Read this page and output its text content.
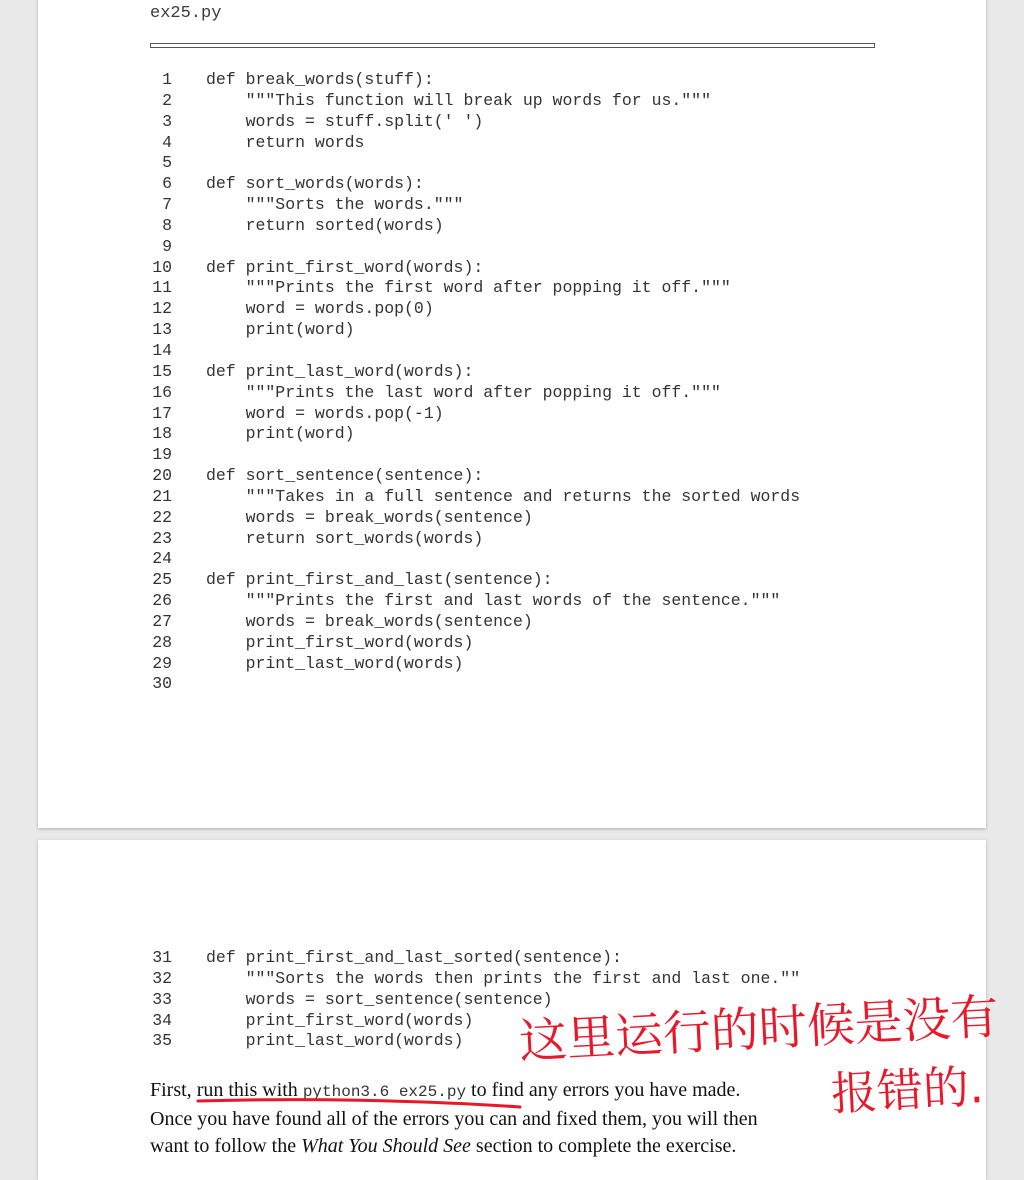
ex25.py
1 def break_words(stuff):
2    """This function will break up words for us."""
3    words = stuff.split(' ')
4    return words
5
6 def sort_words(words):
7    """Sorts the words."""
8    return sorted(words)
9
10 def print_first_word(words):
11    """Prints the first word after popping it off."""
12    word = words.pop(0)
13    print(word)
14
15 def print_last_word(words):
16    """Prints the last word after popping it off."""
17    word = words.pop(-1)
18    print(word)
19
20 def sort_sentence(sentence):
21    """Takes in a full sentence and returns the sorted words
22    words = break_words(sentence)
23    return sort_words(words)
24
25 def print_first_and_last(sentence):
26    """Prints the first and last words of the sentence."""
27    words = break_words(sentence)
28    print_first_word(words)
29    print_last_word(words)
30
31 def print_first_and_last_sorted(sentence):
32    """Sorts the words then prints the first and last one.""
33    words = sort_sentence(sentence)
34    print_first_word(words)
35    print_last_word(words)

First, run this with python3.6 ex25.py to find any errors you have made.

Once you have found all of the errors you can and fixed them, you will then

want to follow the What You Should See section to complete the exercise.

这里运行的时候是没有
报错的.
